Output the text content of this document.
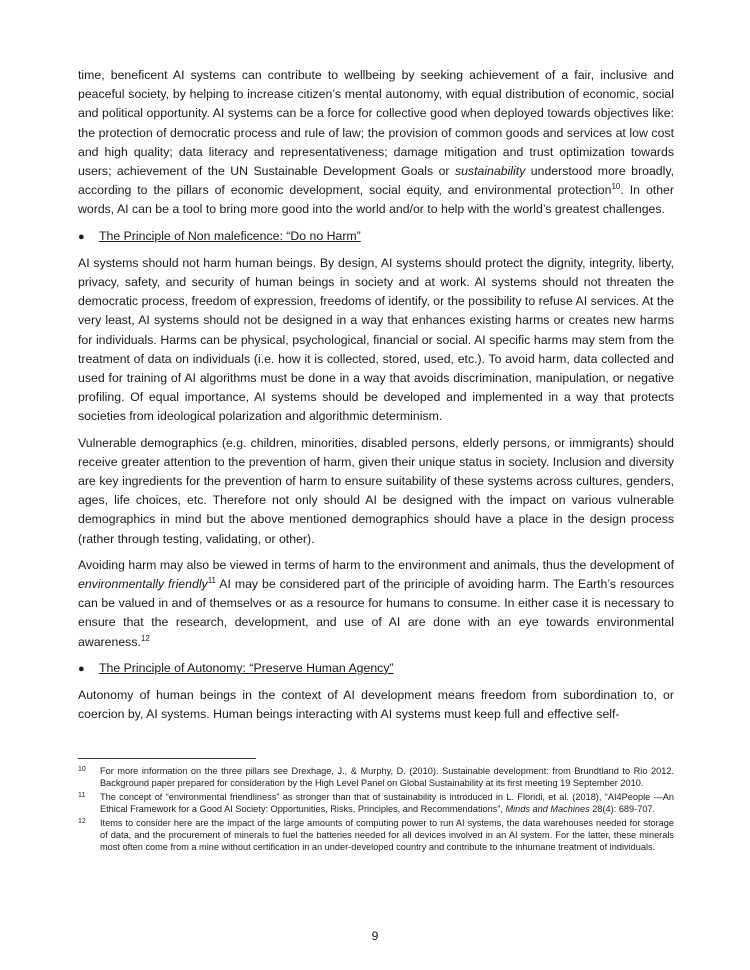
time, beneficent AI systems can contribute to wellbeing by seeking achievement of a fair, inclusive and peaceful society, by helping to increase citizen’s mental autonomy, with equal distribution of economic, social and political opportunity. AI systems can be a force for collective good when deployed towards objectives like: the protection of democratic process and rule of law; the provision of common goods and services at low cost and high quality; data literacy and representativeness; damage mitigation and trust optimization towards users; achievement of the UN Sustainable Development Goals or sustainability understood more broadly, according to the pillars of economic development, social equity, and environmental protection$^{10}$. In other words, AI can be a tool to bring more good into the world and/or to help with the world’s greatest challenges.

●	The Principle of Non maleficence: “Do no Harm”

AI systems should not harm human beings. By design, AI systems should protect the dignity, integrity, liberty, privacy, safety, and security of human beings in society and at work. AI systems should not threaten the democratic process, freedom of expression, freedoms of identify, or the possibility to refuse AI services. At the very least, AI systems should not be designed in a way that enhances existing harms or creates new harms for individuals. Harms can be physical, psychological, financial or social. AI specific harms may stem from the treatment of data on individuals (i.e. how it is collected, stored, used, etc.). To avoid harm, data collected and used for training of AI algorithms must be done in a way that avoids discrimination, manipulation, or negative profiling. Of equal importance, AI systems should be developed and implemented in a way that protects societies from ideological polarization and algorithmic determinism.

Vulnerable demographics (e.g. children, minorities, disabled persons, elderly persons, or immigrants) should receive greater attention to the prevention of harm, given their unique status in society. Inclusion and diversity are key ingredients for the prevention of harm to ensure suitability of these systems across cultures, genders, ages, life choices, etc. Therefore not only should AI be designed with the impact on various vulnerable demographics in mind but the above mentioned demographics should have a place in the design process (rather through testing, validating, or other).

Avoiding harm may also be viewed in terms of harm to the environment and animals, thus the development of environmentally friendly$^{11}$ AI may be considered part of the principle of avoiding harm. The Earth’s resources can be valued in and of themselves or as a resource for humans to consume. In either case it is necessary to ensure that the research, development, and use of AI are done with an eye towards environmental awareness.$^{12}$

●	The Principle of Autonomy: “Preserve Human Agency”

Autonomy of human beings in the context of AI development means freedom from subordination to, or coercion by, AI systems. Human beings interacting with AI systems must keep full and effective self-

10	For more information on the three pillars see Drexhage, J., & Murphy, D. (2010). Sustainable development: from Brundtland to Rio 2012. Background paper prepared for consideration by the High Level Panel on Global Sustainability at its first meeting 19 September 2010.
11	The concept of “environmental friendliness” as stronger than that of sustainability is introduced in L. Floridi, et al. (2018), “AI4People —An Ethical Framework for a Good AI Society: Opportunities, Risks, Principles, and Recommendations”, Minds and Machines 28(4): 689-707.
12	Items to consider here are the impact of the large amounts of computing power to run AI systems, the data warehouses needed for storage of data, and the procurement of minerals to fuel the batteries needed for all devices involved in an AI system. For the latter, these minerals most often come from a mine without certification in an under-developed country and contribute to the inhumane treatment of individuals.
9
